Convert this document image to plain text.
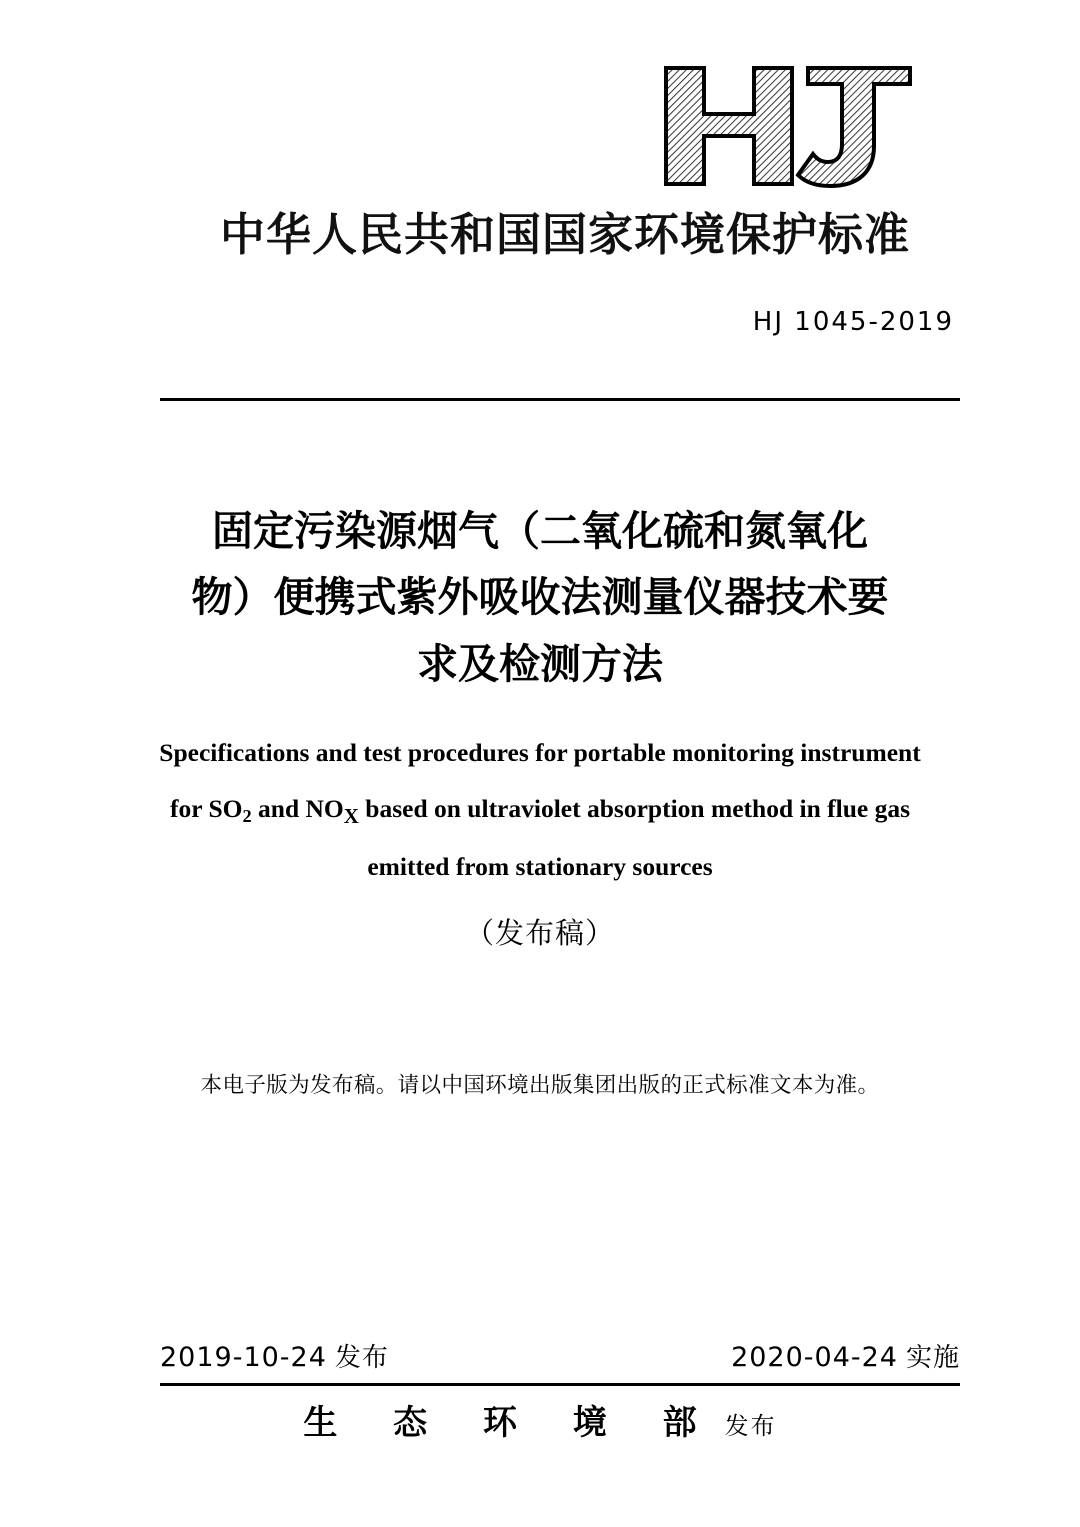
中华人民共和国国家环境保护标准
HJ 1045-2019
固定污染源烟气（二氧化硫和氮氧化
物）便携式紫外吸收法测量仪器技术要
求及检测方法
Specifications and test procedures for portable monitoring instrument
for $SO_2$ and $NO_X$ based on ultraviolet absorption method in flue gas
emitted from stationary sources
（发布稿）
本电子版为发布稿。请以中国环境出版集团出版的正式标准文本为准。
2019-10-24 发布	2020-04-24 实施
生 态 环 境 部 发布
